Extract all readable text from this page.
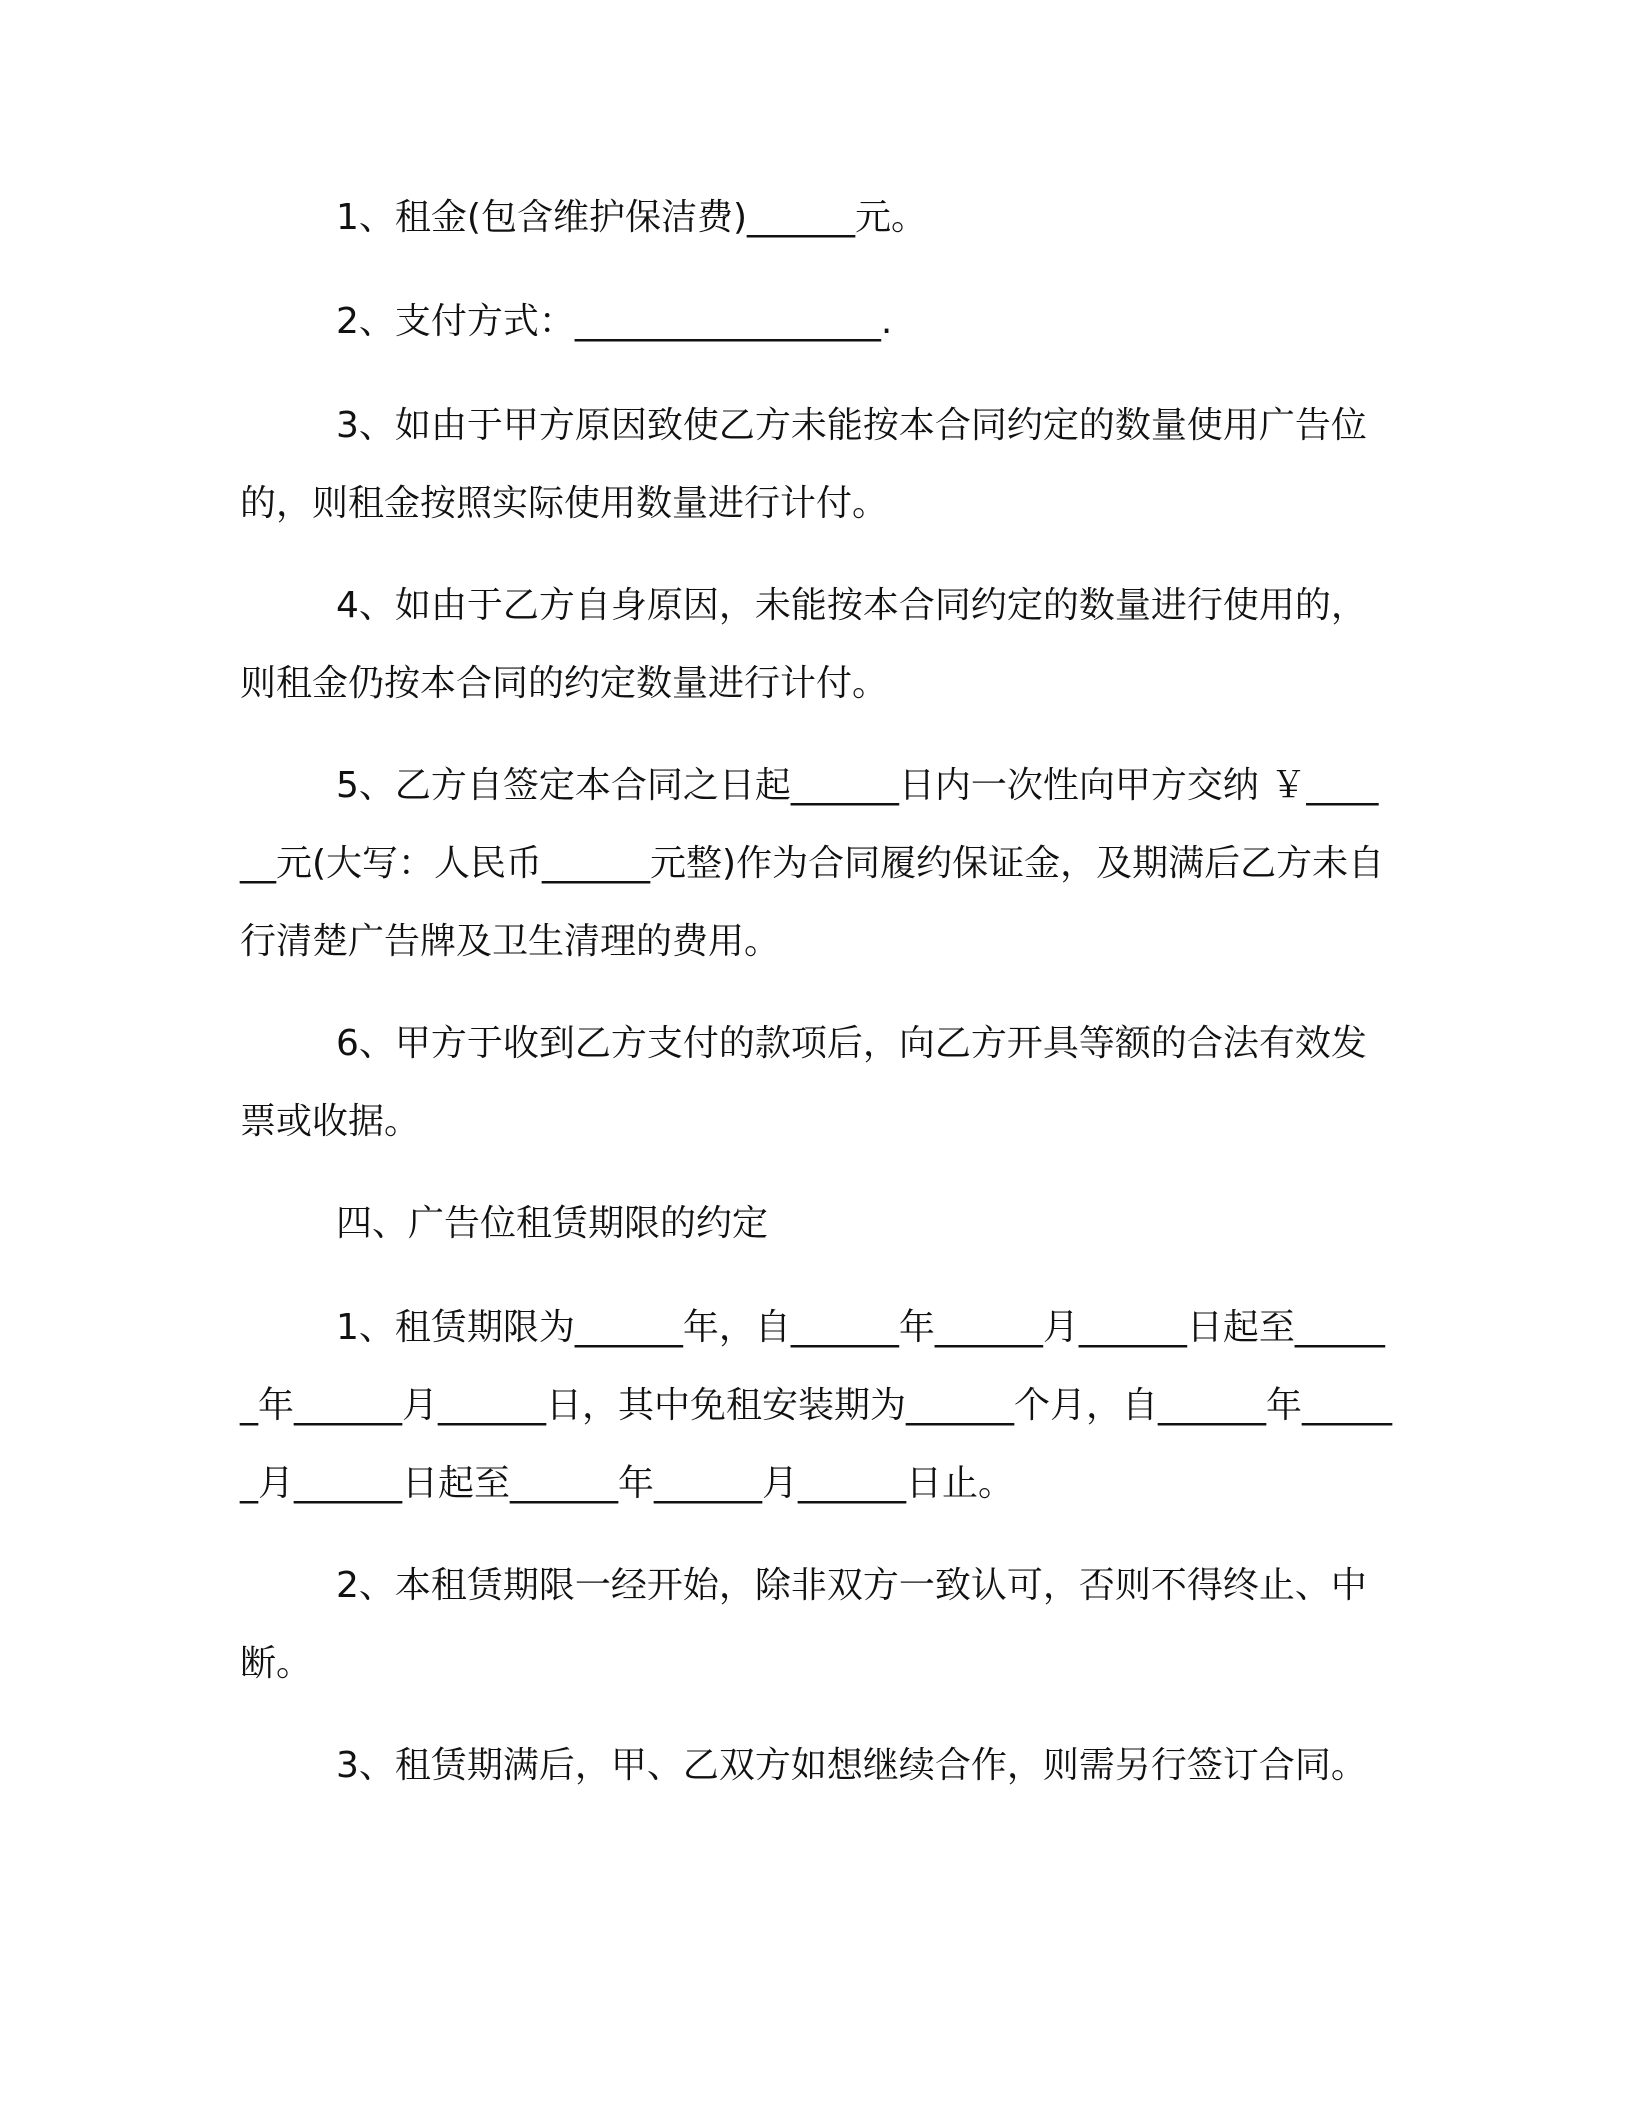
1、租金(包含维护保洁费)______元。

2、支付方式：_________________.

3、如由于甲方原因致使乙方未能按本合同约定的数量使用广告位的，则租金按照实际使用数量进行计付。

4、如由于乙方自身原因，未能按本合同约定的数量进行使用的，则租金仍按本合同的约定数量进行计付。

5、乙方自签定本合同之日起______日内一次性向甲方交纳 ￥______元(大写：人民币______元整)作为合同履约保证金，及期满后乙方未自行清楚广告牌及卫生清理的费用。

6、甲方于收到乙方支付的款项后，向乙方开具等额的合法有效发票或收据。

四、广告位租赁期限的约定

1、租赁期限为______年，自______年______月______日起至______年______月______日，其中免租安装期为______个月，自______年______月______日起至______年______月______日止。

2、本租赁期限一经开始，除非双方一致认可，否则不得终止、中断。

3、租赁期满后，甲、乙双方如想继续合作，则需另行签订合同。
